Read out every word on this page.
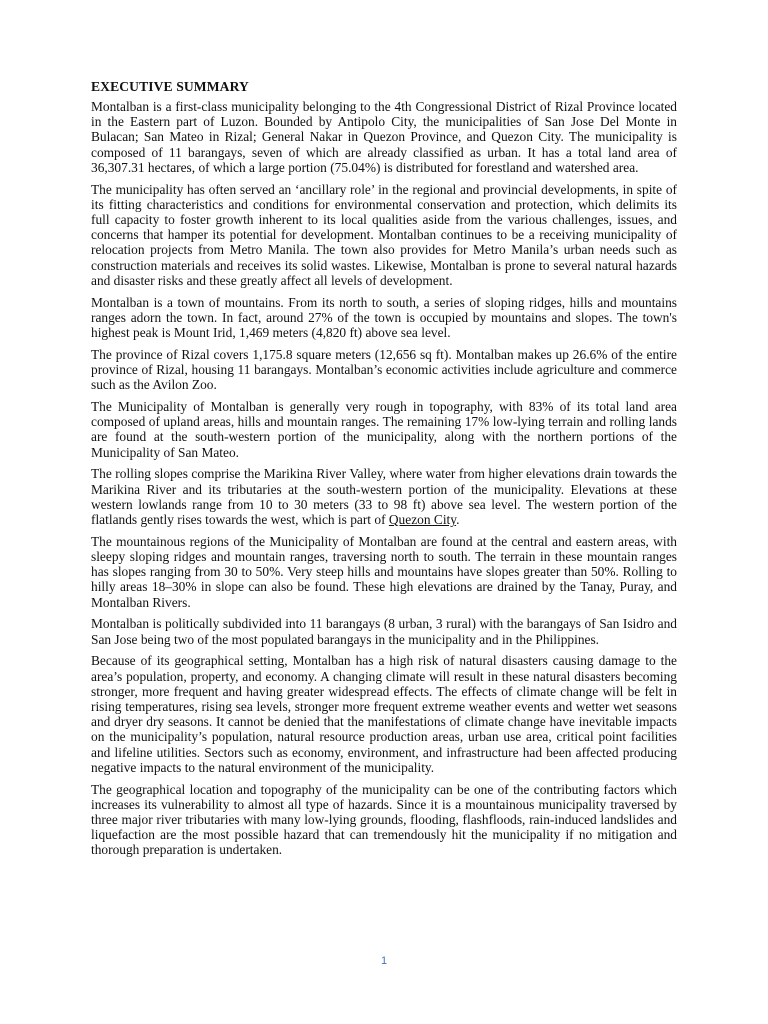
EXECUTIVE SUMMARY

Montalban is a first-class municipality belonging to the 4th Congressional District of Rizal Province located in the Eastern part of Luzon. Bounded by Antipolo City, the municipalities of San Jose Del Monte in Bulacan; San Mateo in Rizal; General Nakar in Quezon Province, and Quezon City. The municipality is composed of 11 barangays, seven of which are already classified as urban. It has a total land area of 36,307.31 hectares, of which a large portion (75.04%) is distributed for forestland and watershed area.

The municipality has often served an ‘ancillary role’ in the regional and provincial developments, in spite of its fitting characteristics and conditions for environmental conservation and protection, which delimits its full capacity to foster growth inherent to its local qualities aside from the various challenges, issues, and concerns that hamper its potential for development. Montalban continues to be a receiving municipality of relocation projects from Metro Manila. The town also provides for Metro Manila’s urban needs such as construction materials and receives its solid wastes. Likewise, Montalban is prone to several natural hazards and disaster risks and these greatly affect all levels of development.

Montalban is a town of mountains. From its north to south, a series of sloping ridges, hills and mountains ranges adorn the town. In fact, around 27% of the town is occupied by mountains and slopes. The town's highest peak is Mount Irid, 1,469 meters (4,820 ft) above sea level.

The province of Rizal covers 1,175.8 square meters (12,656 sq ft). Montalban makes up 26.6% of the entire province of Rizal, housing 11 barangays. Montalban’s economic activities include agriculture and commerce such as the Avilon Zoo.

The Municipality of Montalban is generally very rough in topography, with 83% of its total land area composed of upland areas, hills and mountain ranges. The remaining 17% low-lying terrain and rolling lands are found at the south-western portion of the municipality, along with the northern portions of the Municipality of San Mateo.

The rolling slopes comprise the Marikina River Valley, where water from higher elevations drain towards the Marikina River and its tributaries at the south-western portion of the municipality. Elevations at these western lowlands range from 10 to 30 meters (33 to 98 ft) above sea level. The western portion of the flatlands gently rises towards the west, which is part of Quezon City.

The mountainous regions of the Municipality of Montalban are found at the central and eastern areas, with sleepy sloping ridges and mountain ranges, traversing north to south. The terrain in these mountain ranges has slopes ranging from 30 to 50%. Very steep hills and mountains have slopes greater than 50%. Rolling to hilly areas 18–30% in slope can also be found. These high elevations are drained by the Tanay, Puray, and Montalban Rivers.

Montalban is politically subdivided into 11 barangays (8 urban, 3 rural) with the barangays of San Isidro and San Jose being two of the most populated barangays in the municipality and in the Philippines.

Because of its geographical setting, Montalban has a high risk of natural disasters causing damage to the area’s population, property, and economy. A changing climate will result in these natural disasters becoming stronger, more frequent and having greater widespread effects. The effects of climate change will be felt in rising temperatures, rising sea levels, stronger more frequent extreme weather events and wetter wet seasons and dryer dry seasons. It cannot be denied that the manifestations of climate change have inevitable impacts on the municipality’s population, natural resource production areas, urban use area, critical point facilities and lifeline utilities. Sectors such as economy, environment, and infrastructure had been affected producing negative impacts to the natural environment of the municipality.

The geographical location and topography of the municipality can be one of the contributing factors which increases its vulnerability to almost all type of hazards. Since it is a mountainous municipality traversed by three major river tributaries with many low-lying grounds, flooding, flashfloods, rain-induced landslides and liquefaction are the most possible hazard that can tremendously hit the municipality if no mitigation and thorough preparation is undertaken.

1
